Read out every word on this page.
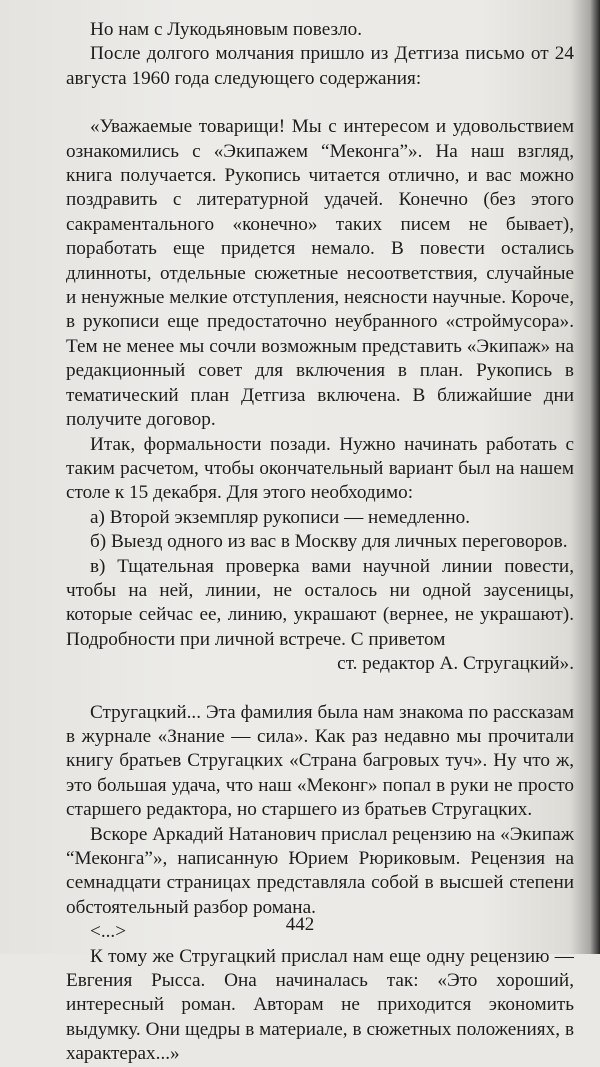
Но нам с Лукодьяновым повезло.

После долгого молчания пришло из Детгиза письмо от 24 августа 1960 года следующего содержания:

«Уважаемые товарищи! Мы с интересом и удовольствием ознакомились с «Экипажем “Меконга”». На наш взгляд, книга получается. Рукопись читается отлично, и вас можно поздравить с литературной удачей. Конечно (без этого сакраментального «конечно» таких писем не бывает), поработать еще придется немало. В повести остались длинноты, отдельные сюжетные несоответствия, случайные и ненужные мелкие отступления, неясности научные. Короче, в рукописи еще предостаточно неубранного «строймусора». Тем не менее мы сочли возможным представить «Экипаж» на редакционный совет для включения в план. Рукопись в тематический план Детгиза включена. В ближайшие дни получите договор.

Итак, формальности позади. Нужно начинать работать с таким расчетом, чтобы окончательный вариант был на нашем столе к 15 декабря. Для этого необходимо:

а) Второй экземпляр рукописи — немедленно.

б) Выезд одного из вас в Москву для личных переговоров.

в) Тщательная проверка вами научной линии повести, чтобы на ней, линии, не осталось ни одной заусеницы, которые сейчас ее, линию, украшают (вернее, не украшают). Подробности при личной встрече. С приветом

ст. редактор А. Стругацкий».

Стругацкий... Эта фамилия была нам знакома по рассказам в журнале «Знание — сила». Как раз недавно мы прочитали книгу братьев Стругацких «Страна багровых туч». Ну что ж, это большая удача, что наш «Меконг» попал в руки не просто старшего редактора, но старшего из братьев Стругацких.

Вскоре Аркадий Натанович прислал рецензию на «Экипаж “Меконга”», написанную Юрием Рюриковым. Рецензия на семнадцати страницах представляла собой в высшей степени обстоятельный разбор романа.

<...>

К тому же Стругацкий прислал нам еще одну рецензию — Евгения Рысса. Она начиналась так: «Это хороший, интересный роман. Авторам не приходится экономить выдумку. Они щедры в материале, в сюжетных положениях, в характерах...»

442
